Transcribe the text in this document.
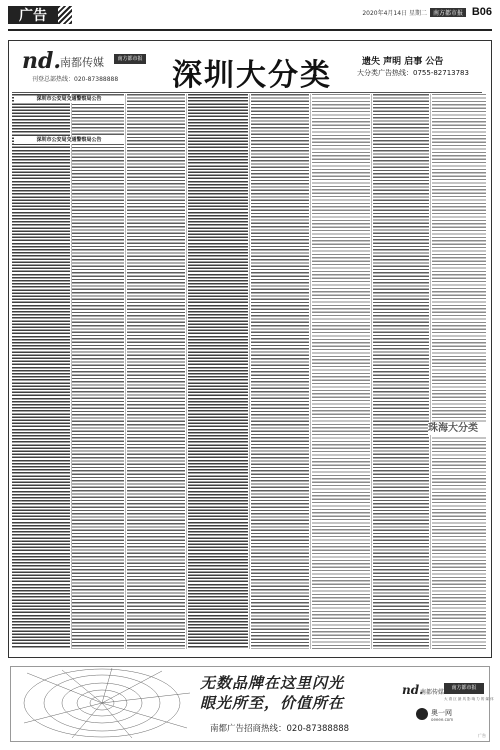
广告	2020年4月14日 星期二 南方都市报 B06
nd.
南都传媒	南方都市报
刊登总部热线：020-87388888 深圳大分类	遗失 声明 启事 公告
大分类广告热线：0755-82713783
深圳市公安局交通警察局公告
深圳市公安局交通警察局公告
珠海大分类
无数品牌在这里闪光
眼光所至，价值所在
南都广告招商热线：020-87388888
nd.
南都传媒
南方都市报
大 湾 区 最 具 影 响 力 的 媒 体
奥一网
oeeee.com
广告
